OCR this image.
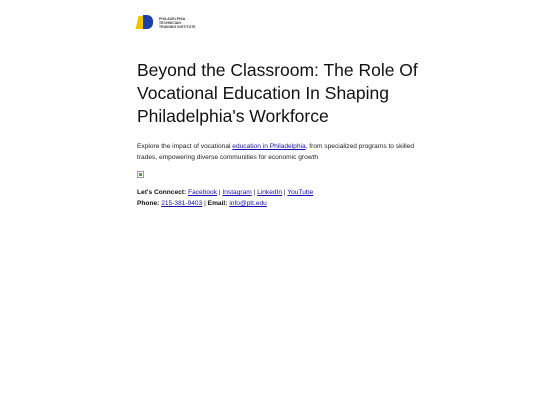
PHILADELPHIA
TECHNICIAN
TRAINING INSTITUTE
Beyond the Classroom: The Role Of Vocational Education In Shaping Philadelphia's Workforce

Explore the impact of vocational education in Philadelphia, from specialized programs to skilled trades, empowering diverse communities for economic growth

Let's Conncect: Facebook | Instagram | LinkedIn | YouTube
Phone: 215-381-9403 | Email: info@ptt.edu
